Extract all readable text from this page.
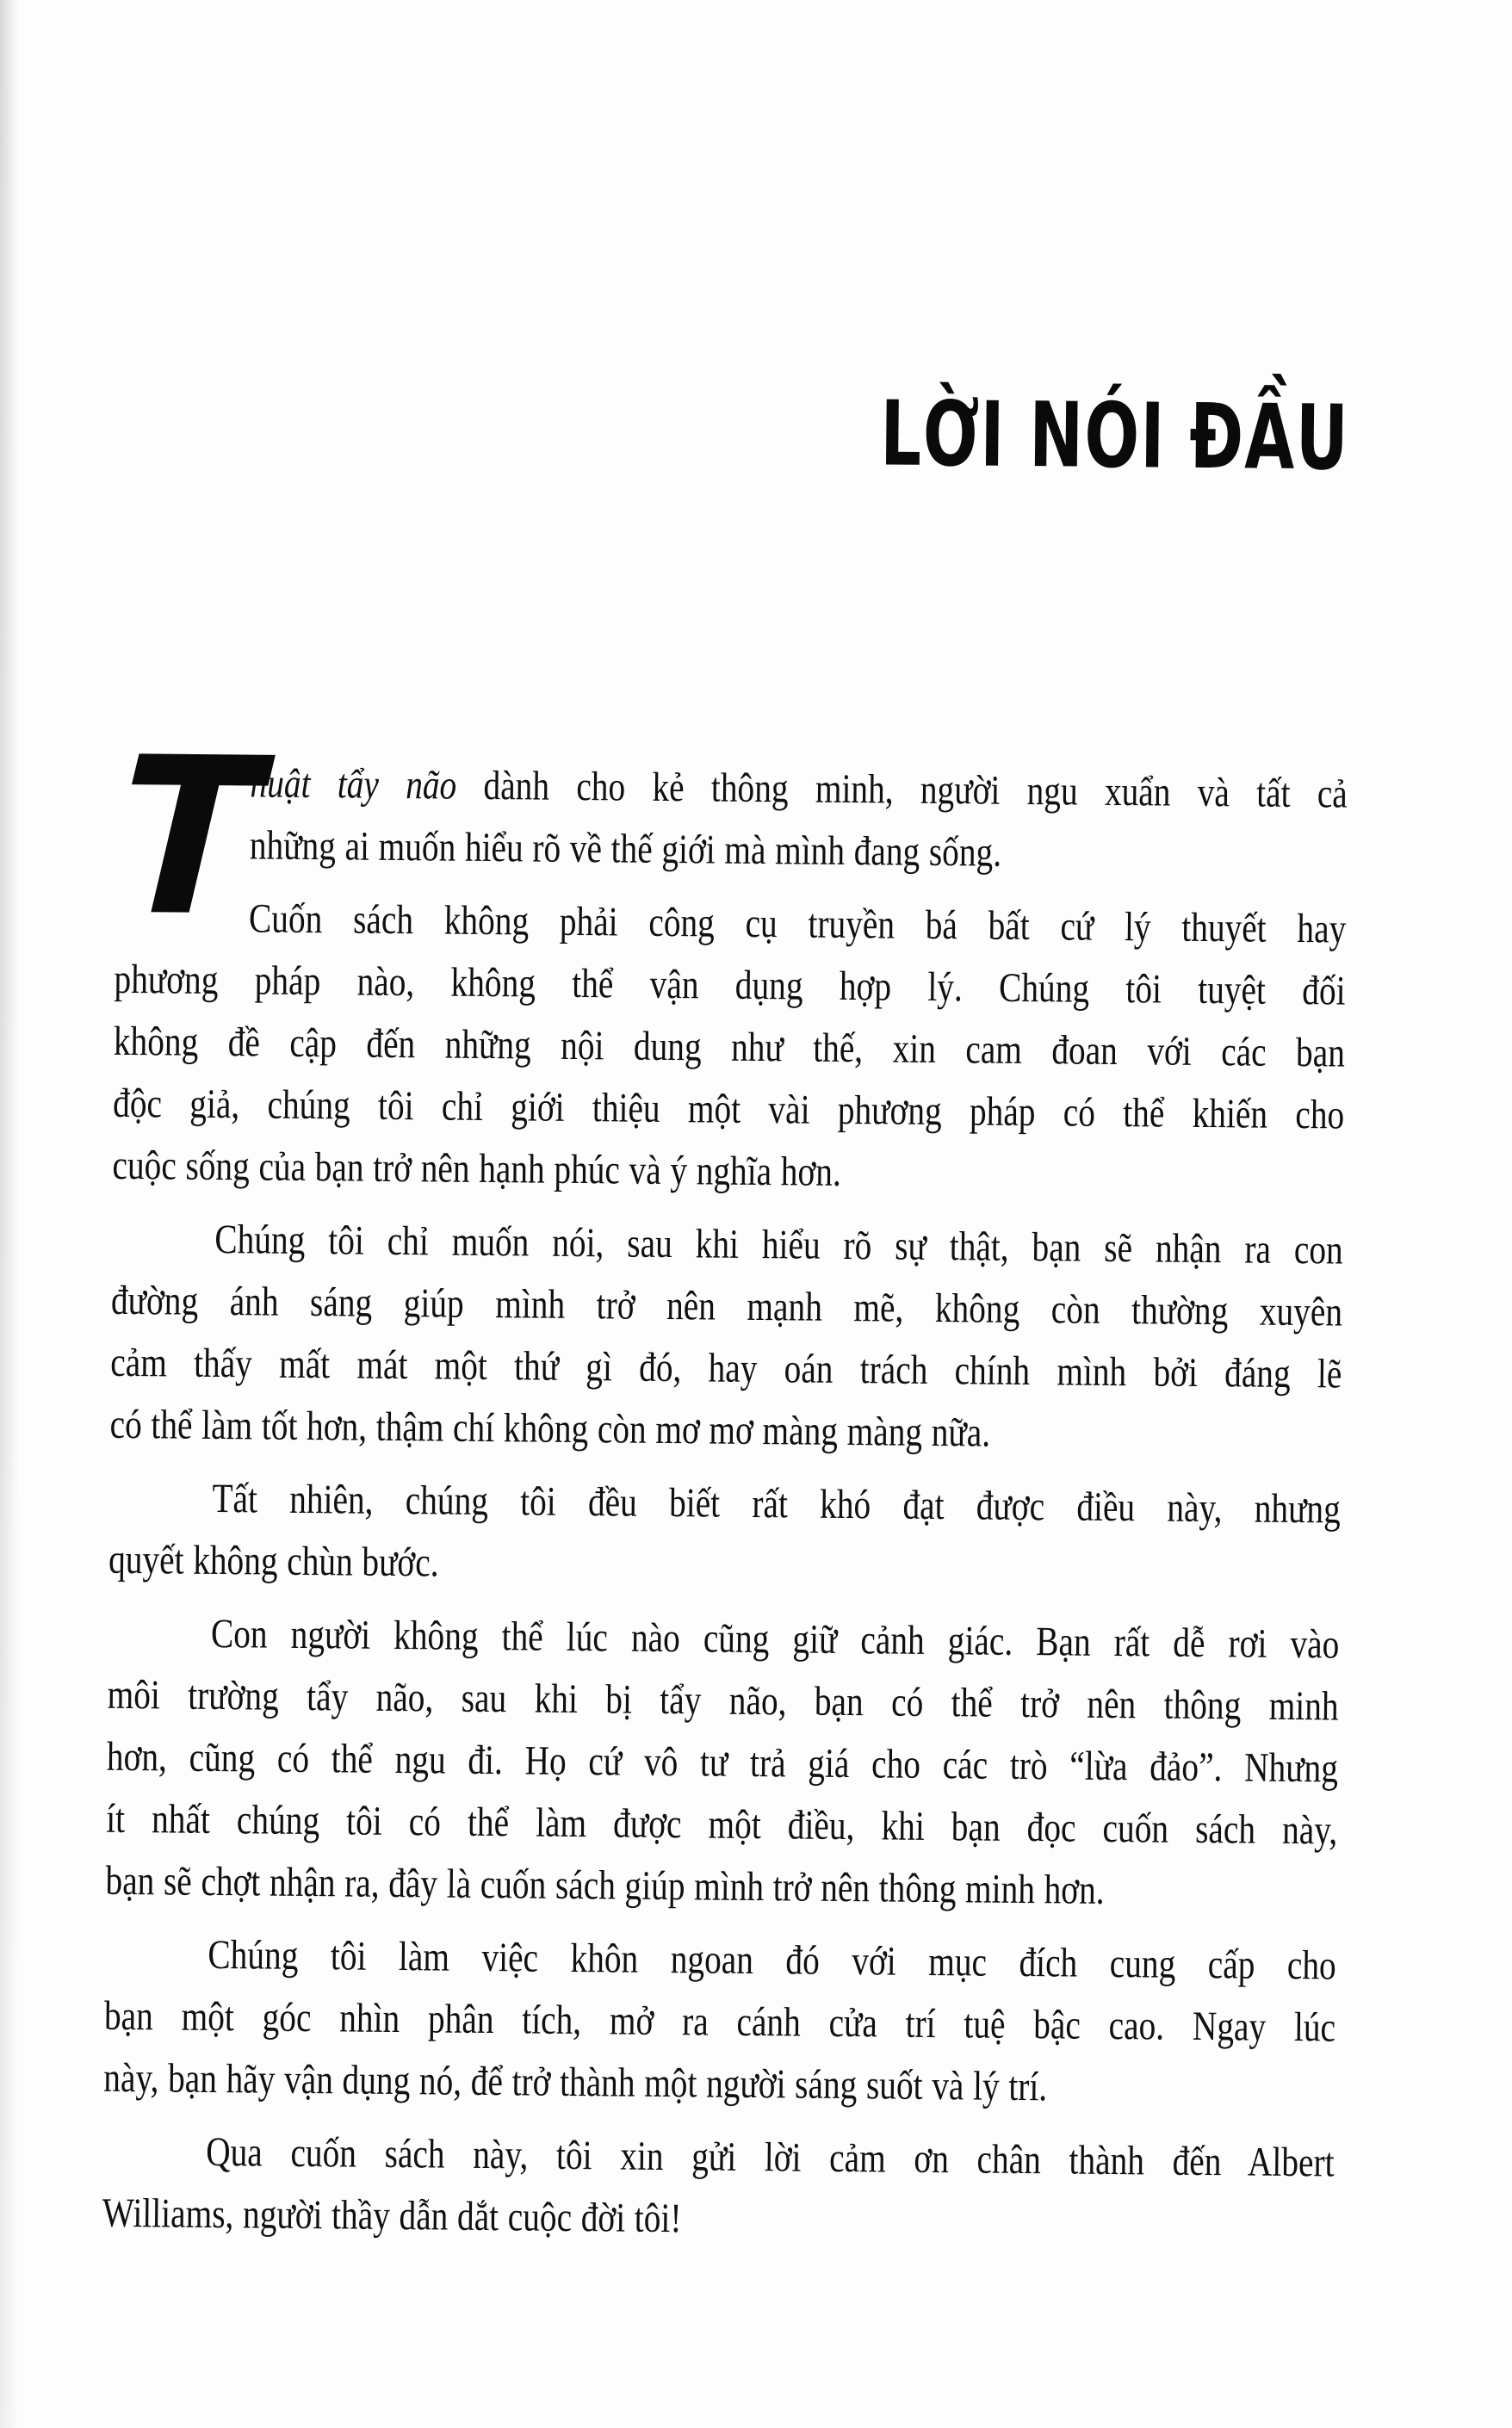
LỜI NÓI ĐẦU
T
huật tẩy não dành cho kẻ thông minh, người ngu xuẩn và tất cả
những ai muốn hiểu rõ về thế giới mà mình đang sống.
Cuốn sách không phải công cụ truyền bá bất cứ lý thuyết hay
phương pháp nào, không thể vận dụng hợp lý. Chúng tôi tuyệt đối
không đề cập đến những nội dung như thế, xin cam đoan với các bạn
độc giả, chúng tôi chỉ giới thiệu một vài phương pháp có thể khiến cho
cuộc sống của bạn trở nên hạnh phúc và ý nghĩa hơn.
Chúng tôi chỉ muốn nói, sau khi hiểu rõ sự thật, bạn sẽ nhận ra con
đường ánh sáng giúp mình trở nên mạnh mẽ, không còn thường xuyên
cảm thấy mất mát một thứ gì đó, hay oán trách chính mình bởi đáng lẽ
có thể làm tốt hơn, thậm chí không còn mơ mơ màng màng nữa.
Tất nhiên, chúng tôi đều biết rất khó đạt được điều này, nhưng
quyết không chùn bước.
Con người không thể lúc nào cũng giữ cảnh giác. Bạn rất dễ rơi vào
môi trường tẩy não, sau khi bị tẩy não, bạn có thể trở nên thông minh
hơn, cũng có thể ngu đi. Họ cứ vô tư trả giá cho các trò “lừa đảo”. Nhưng
ít nhất chúng tôi có thể làm được một điều, khi bạn đọc cuốn sách này,
bạn sẽ chợt nhận ra, đây là cuốn sách giúp mình trở nên thông minh hơn.
Chúng tôi làm việc khôn ngoan đó với mục đích cung cấp cho
bạn một góc nhìn phân tích, mở ra cánh cửa trí tuệ bậc cao. Ngay lúc
này, bạn hãy vận dụng nó, để trở thành một người sáng suốt và lý trí.
Qua cuốn sách này, tôi xin gửi lời cảm ơn chân thành đến Albert
Williams, người thầy dẫn dắt cuộc đời tôi!
